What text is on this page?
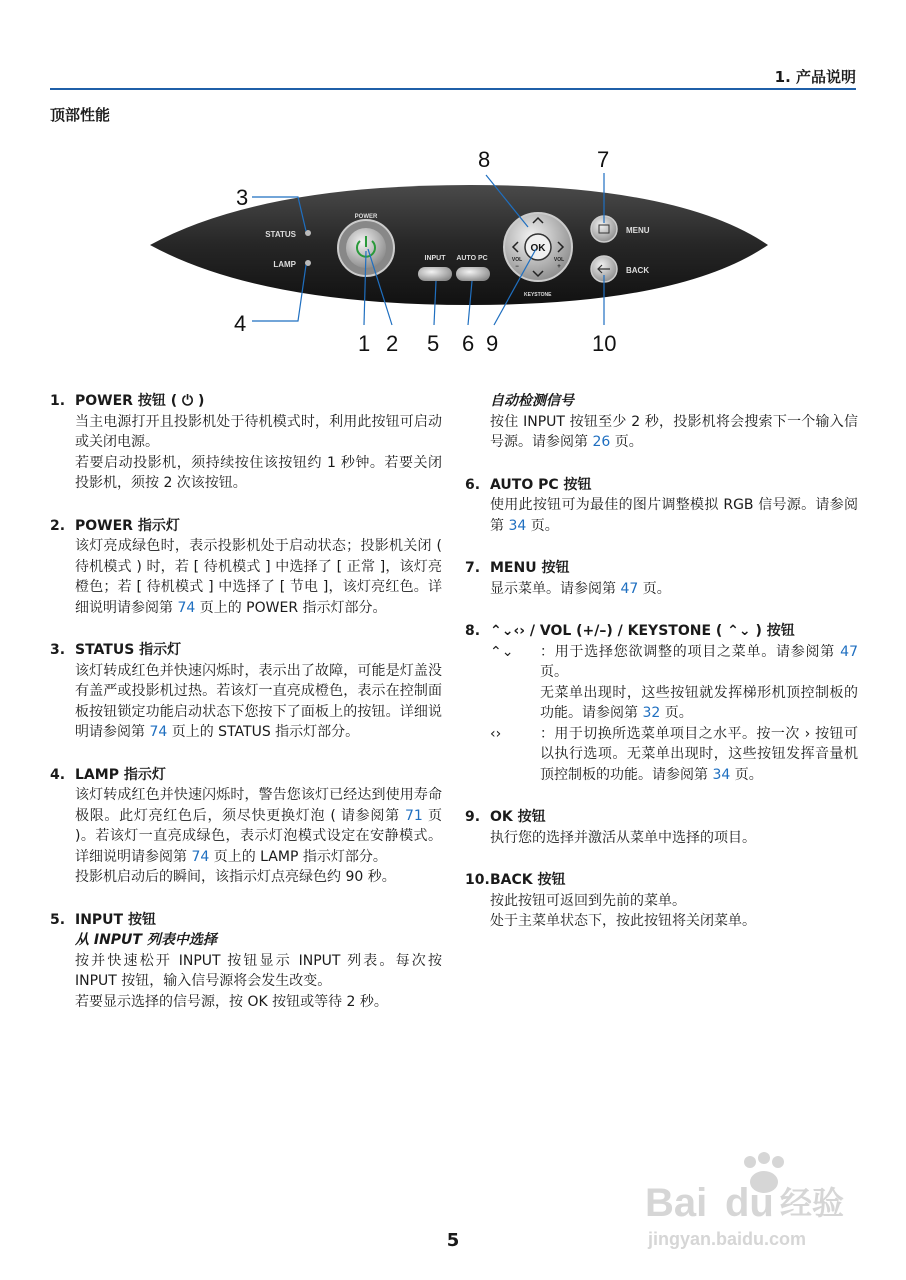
1. 产品说明
顶部性能
STATUS
LAMP
POWER
INPUT AUTO PC
OK
VOL	VOL
−	+
KEYSTONE
MENU
BACK
3
4
1 2 5 6 9	10
8	7
1. POWER 按钮 ( ⏻ )
当主电源打开且投影机处于待机模式时，利用此按钮可启动或关闭电源。
若要启动投影机，须持续按住该按钮约 1 秒钟。若要关闭投影机，须按 2 次该按钮。
2. POWER 指示灯
该灯亮成绿色时，表示投影机处于启动状态；投影机关闭 ( 待机模式 ) 时，若 [ 待机模式 ] 中选择了 [ 正常 ]，该灯亮橙色；若 [ 待机模式 ] 中选择了 [ 节电 ]，该灯亮红色。详细说明请参阅第 74 页上的 POWER 指示灯部分。
3. STATUS 指示灯
该灯转成红色并快速闪烁时，表示出了故障，可能是灯盖没有盖严或投影机过热。若该灯一直亮成橙色，表示在控制面板按钮锁定功能启动状态下您按下了面板上的按钮。详细说明请参阅第 74 页上的 STATUS 指示灯部分。
4. LAMP 指示灯
该灯转成红色并快速闪烁时，警告您该灯已经达到使用寿命极限。此灯亮红色后，须尽快更换灯泡 ( 请参阅第 71 页 )。若该灯一直亮成绿色，表示灯泡模式设定在安静模式。详细说明请参阅第 74 页上的 LAMP 指示灯部分。
投影机启动后的瞬间，该指示灯点亮绿色约 90 秒。
5. INPUT 按钮
从 INPUT 列表中选择
按并快速松开 INPUT 按钮显示 INPUT 列表。每次按 INPUT 按钮，输入信号源将会发生改变。
若要显示选择的信号源，按 OK 按钮或等待 2 秒。
自动检测信号
按住 INPUT 按钮至少 2 秒，投影机将会搜索下一个输入信号源。请参阅第 26 页。
6. AUTO PC 按钮
使用此按钮可为最佳的图片调整模拟 RGB 信号源。请参阅第 34 页。
7. MENU 按钮
显示菜单。请参阅第 47 页。
8. ⌃⌄‹› / VOL (+/–) / KEYSTONE ( ⌃⌄ ) 按钮
⌃⌄	：用于选择您欲调整的项目之菜单。请参阅第 47 页。
无菜单出现时，这些按钮就发挥梯形机顶控制板的功能。请参阅第 32 页。
‹›	：用于切换所选菜单项目之水平。按一次 › 按钮可以执行选项。无菜单出现时，这些按钮发挥音量机顶控制板的功能。请参阅第 34 页。
9. OK 按钮
执行您的选择并激活从菜单中选择的项目。
10. BACK 按钮
按此按钮可返回到先前的菜单。
处于主菜单状态下，按此按钮将关闭菜单。
5
Bai du 经验
jingyan.baidu.com
